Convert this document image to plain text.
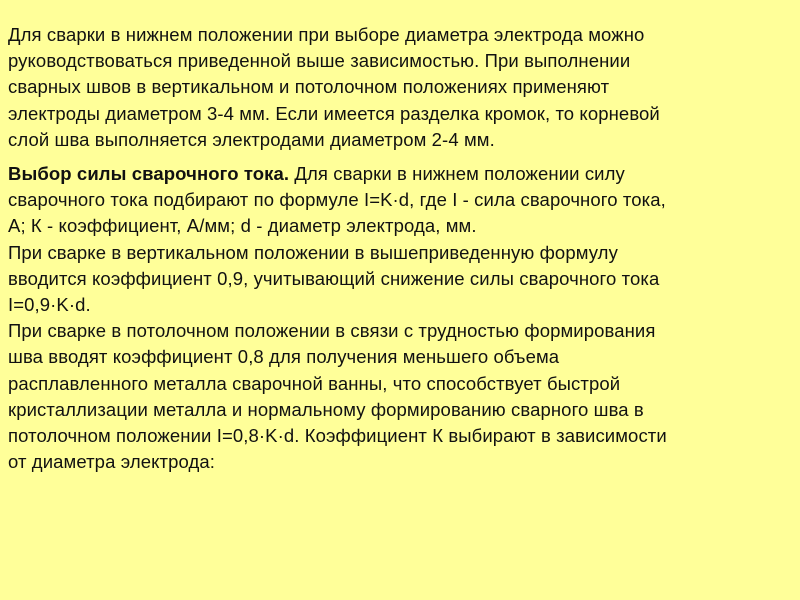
Для сварки в нижнем положении при выборе диаметра электрода можно
руководствоваться приведенной выше зависимостью. При выполнении
сварных швов в вертикальном и потолочном положениях применяют
электроды диаметром 3-4 мм. Если имеется разделка кромок, то корневой
слой шва выполняется электродами диаметром 2-4 мм.

Выбор силы сварочного тока. Для сварки в нижнем положении силу
сварочного тока подбирают по формуле I=K·d, где I - сила сварочного тока,
А; К - коэффициент, А/мм; d - диаметр электрода, мм.
При сварке в вертикальном положении в вышеприведенную формулу
вводится коэффициент 0,9, учитывающий снижение силы сварочного тока
I=0,9·K·d.
При сварке в потолочном положении в связи с трудностью формирования
шва вводят коэффициент 0,8 для получения меньшего объема
расплавленного металла сварочной ванны, что способствует быстрой
кристаллизации металла и нормальному формированию сварного шва в
потолочном положении I=0,8·K·d. Коэффициент К выбирают в зависимости
от диаметра электрода:
